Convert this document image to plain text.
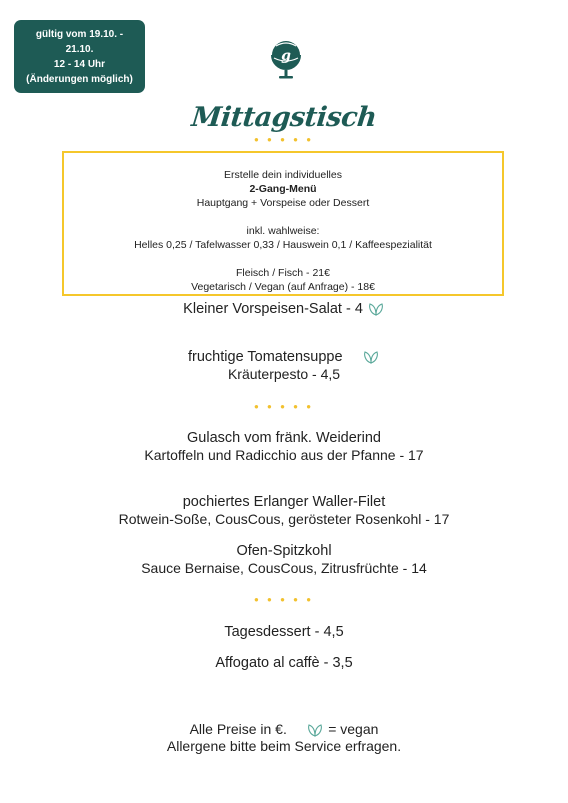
gültig vom 19.10. -
21.10.
12 - 14 Uhr
(Änderungen möglich)
g
Mittagstisch
● ● ● ● ●
Erstelle dein individuelles
2-Gang-Menü
Hauptgang + Vorspeise oder Dessert
inkl. wahlweise:
Helles 0,25 / Tafelwasser 0,33 / Hauswein 0,1 / Kaffeespezialität
Fleisch / Fisch - 21€
Vegetarisch / Vegan (auf Anfrage) - 18€
Kleiner Vorspeisen-Salat - 4
fruchtige Tomatensuppe
Kräuterpesto - 4,5
● ● ● ● ●
Gulasch vom fränk. Weiderind
Kartoffeln und Radicchio aus der Pfanne - 17
pochiertes Erlanger Waller-Filet
Rotwein-Soße, CousCous, gerösteter Rosenkohl - 17
Ofen-Spitzkohl
Sauce Bernaise, CousCous, Zitrusfrüchte - 14
● ● ● ● ●
Tagesdessert - 4,5
Affogato al caffè - 3,5
Alle Preise in €.	= vegan
Allergene bitte beim Service erfragen.
